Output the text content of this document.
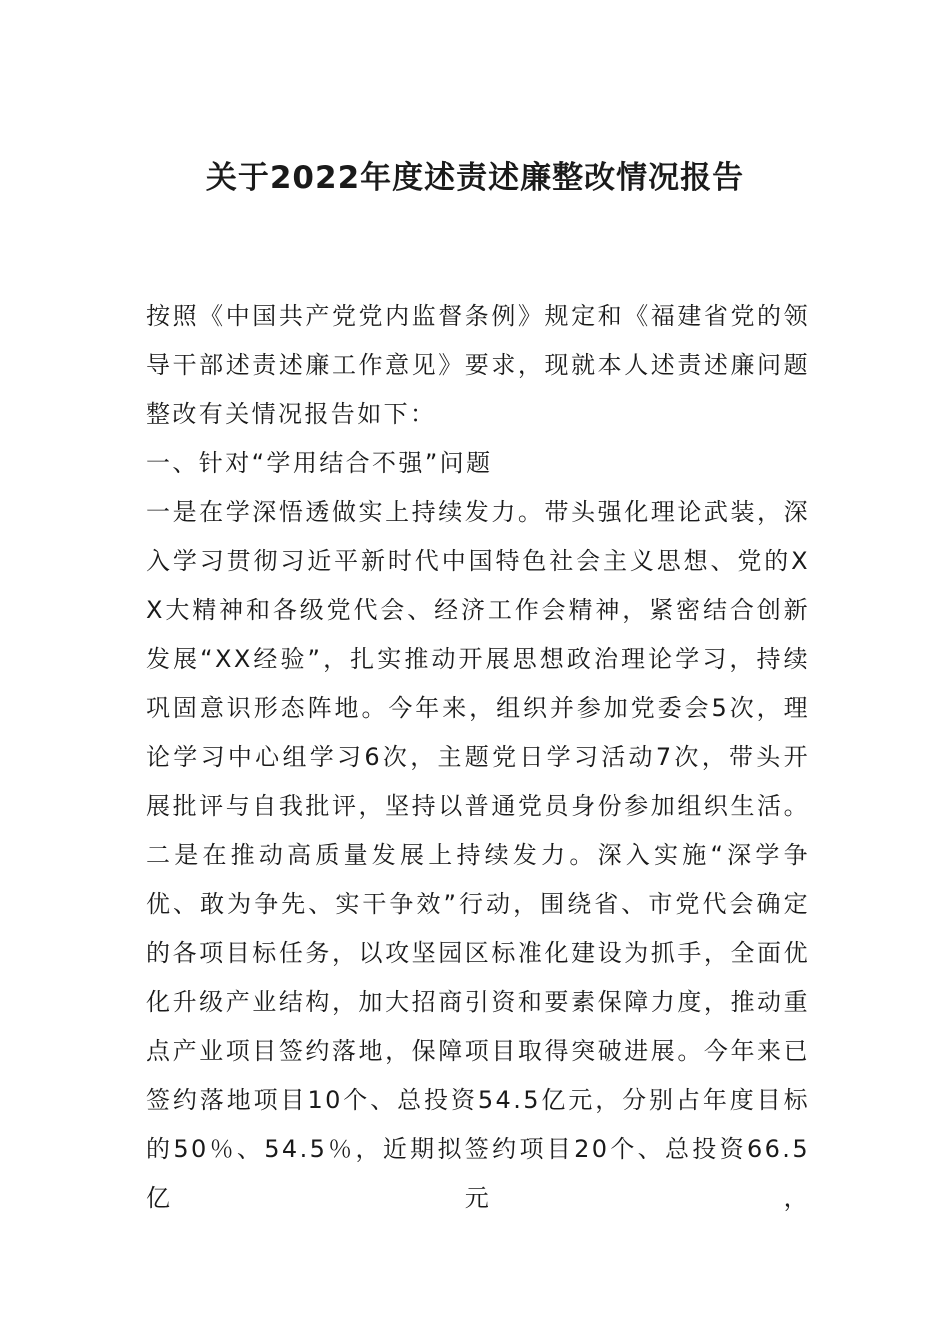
关于2022年度述责述廉整改情况报告

按照《中国共产党党内监督条例》规定和《福建省党的领导干部述责述廉工作意见》要求，现就本人述责述廉问题整改有关情况报告如下：

一、针对“学用结合不强”问题

一是在学深悟透做实上持续发力。带头强化理论武装，深入学习贯彻习近平新时代中国特色社会主义思想、党的XX大精神和各级党代会、经济工作会精神，紧密结合创新发展“XX经验”，扎实推动开展思想政治理论学习，持续巩固意识形态阵地。今年来，组织并参加党委会5次，理论学习中心组学习6次，主题党日学习活动7次，带头开展批评与自我批评，坚持以普通党员身份参加组织生活。二是在推动高质量发展上持续发力。深入实施“深学争优、敢为争先、实干争效”行动，围绕省、市党代会确定的各项目标任务，以攻坚园区标准化建设为抓手，全面优化升级产业结构，加大招商引资和要素保障力度，推动重点产业项目签约落地，保障项目取得突破进展。今年来已签约落地项目10个、总投资54.5亿元，分别占年度目标的50％、54.5％，近期拟签约项目20个、总投资66.5亿元，
